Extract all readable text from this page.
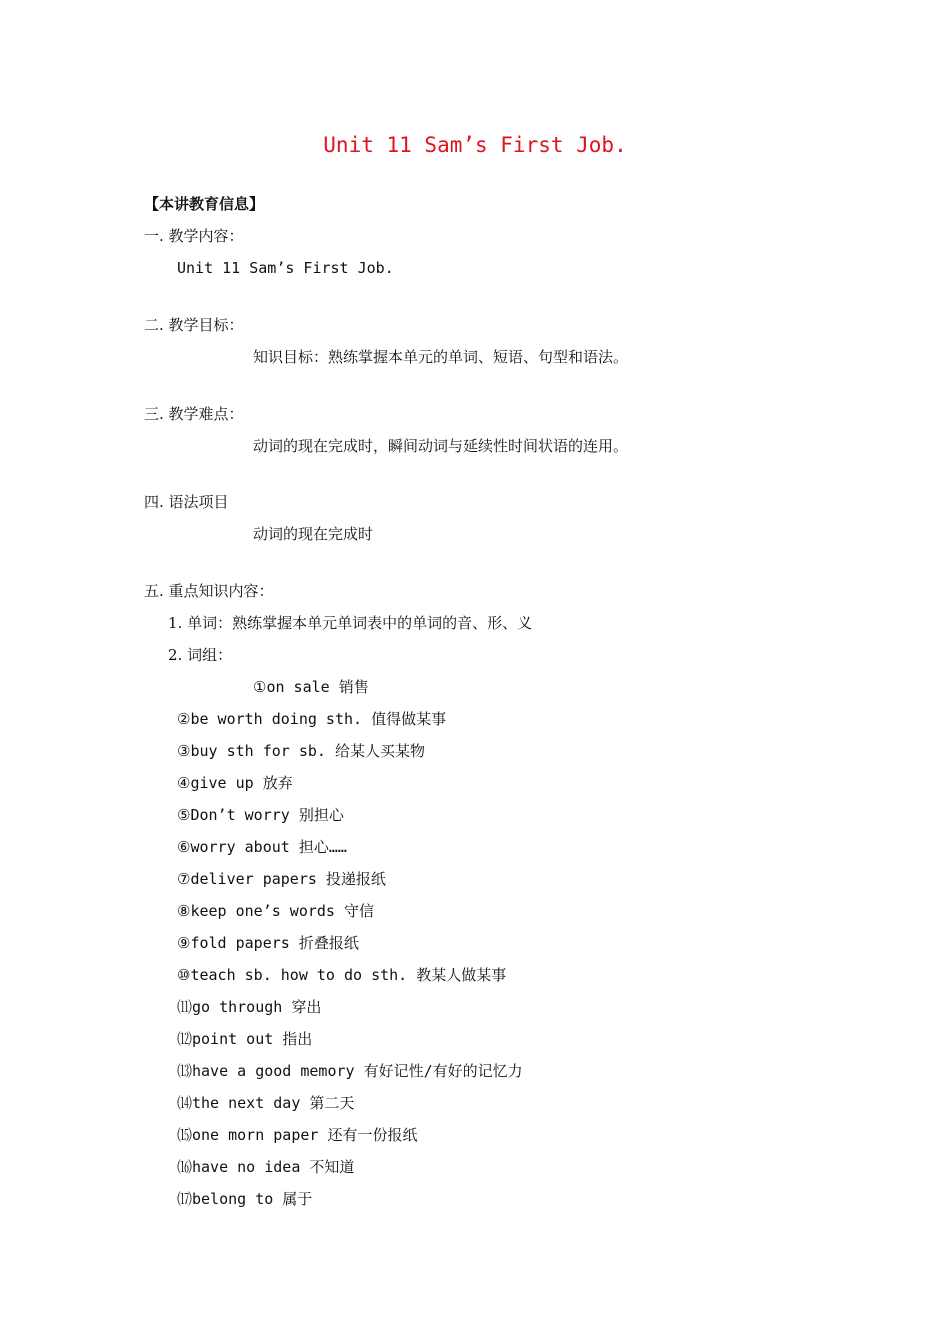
Unit 11 Sam’s First Job.
【本讲教育信息】
一. 教学内容：
Unit 11 Sam’s First Job.
二. 教学目标：
知识目标：熟练掌握本单元的单词、短语、句型和语法。
三. 教学难点：
动词的现在完成时，瞬间动词与延续性时间状语的连用。
四. 语法项目
动词的现在完成时
五. 重点知识内容：
1. 单词：熟练掌握本单元单词表中的单词的音、形、义
2. 词组：
①on sale 销售
②be worth doing sth. 值得做某事
③buy sth for sb. 给某人买某物
④give up 放弃
⑤Don’t worry 别担心
⑥worry about 担心……
⑦deliver papers 投递报纸
⑧keep one’s words 守信
⑨fold papers 折叠报纸
⑩teach sb. how to do sth. 教某人做某事
⑾go through 穿出
⑿point out 指出
⒀have a good memory 有好记性/有好的记忆力
⒁the next day 第二天
⒂one morn paper 还有一份报纸
⒃have no idea 不知道
⒄belong to 属于
